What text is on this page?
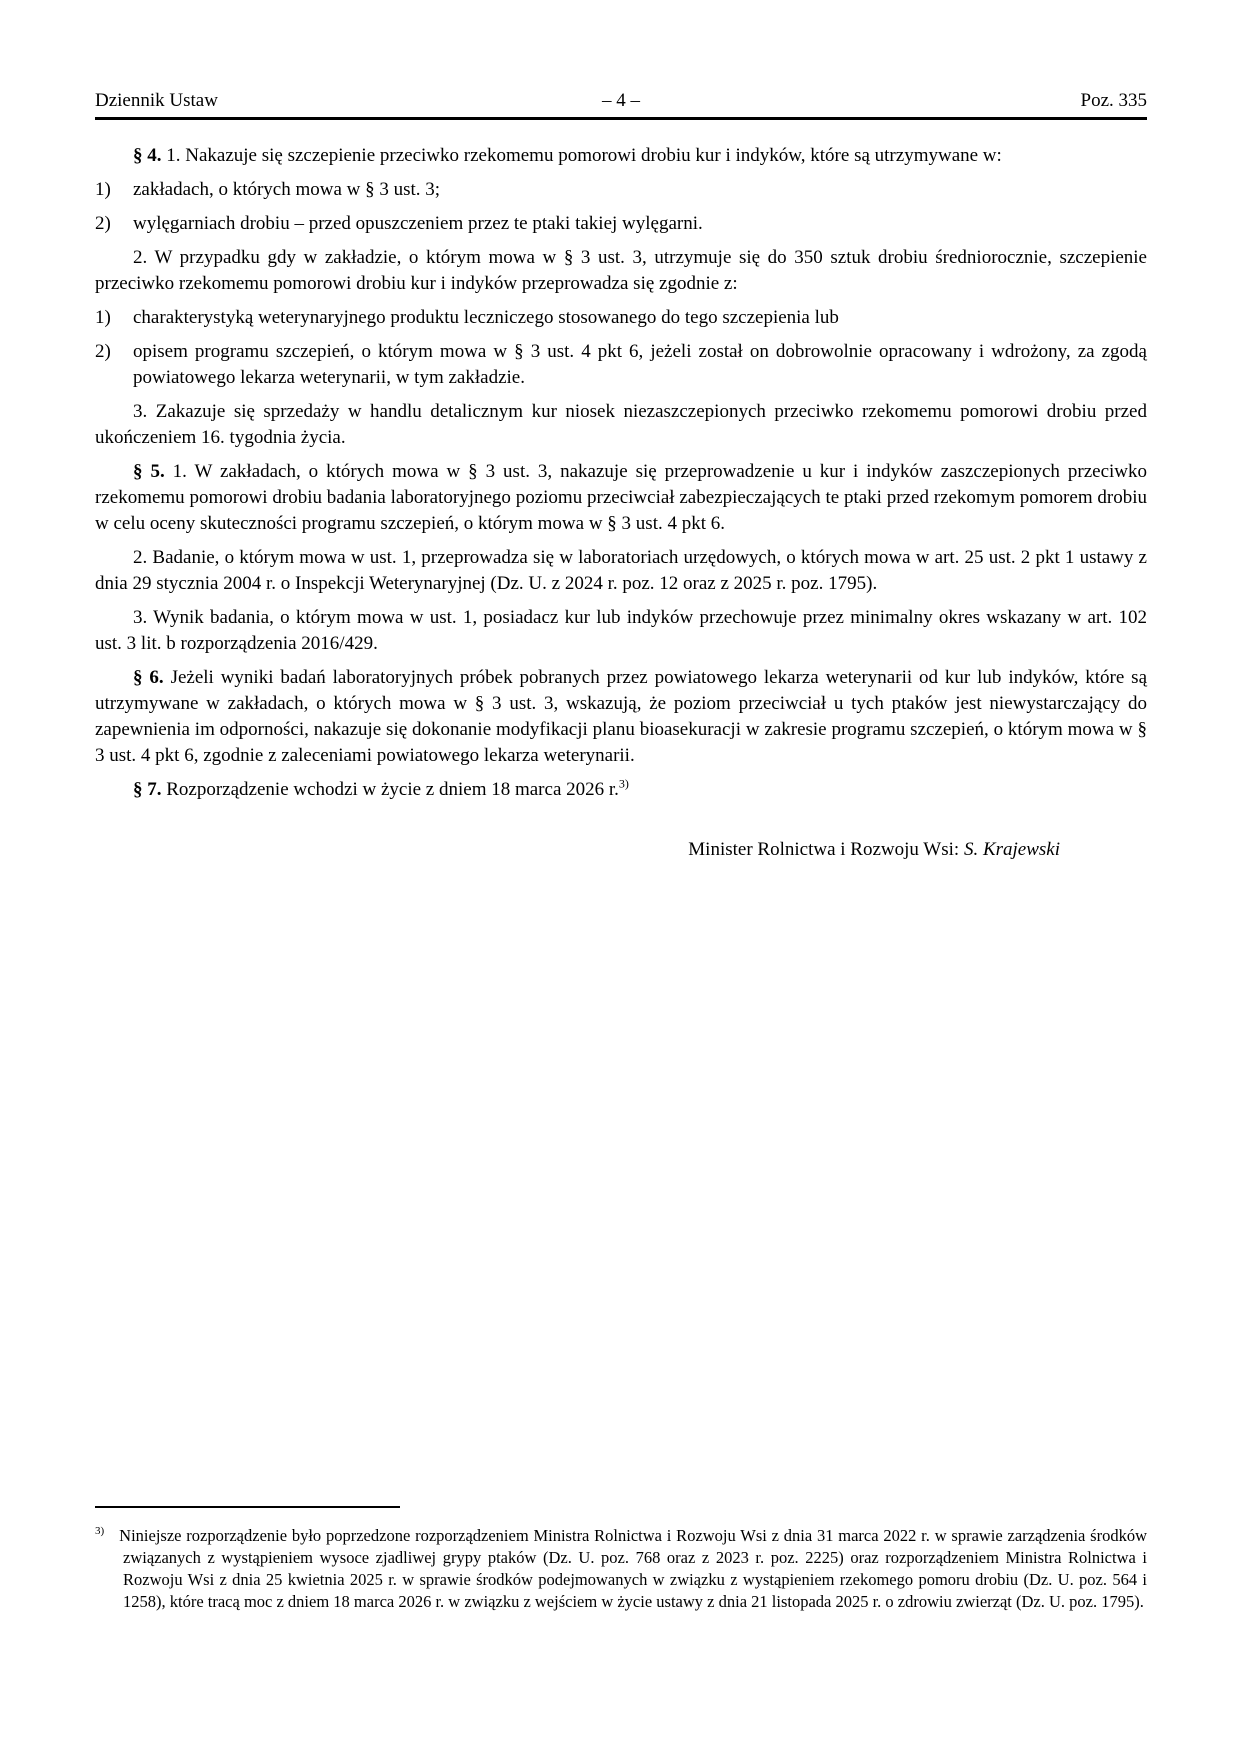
Dziennik Ustaw	– 4 –	Poz. 335

§ 4. 1. Nakazuje się szczepienie przeciwko rzekomemu pomorowi drobiu kur i indyków, które są utrzymywane w:

1) zakładach, o których mowa w § 3 ust. 3;

2) wylęgarniach drobiu – przed opuszczeniem przez te ptaki takiej wylęgarni.

2. W przypadku gdy w zakładzie, o którym mowa w § 3 ust. 3, utrzymuje się do 350 sztuk drobiu średniorocznie, szczepienie przeciwko rzekomemu pomorowi drobiu kur i indyków przeprowadza się zgodnie z:

1) charakterystyką weterynaryjnego produktu leczniczego stosowanego do tego szczepienia lub

2) opisem programu szczepień, o którym mowa w § 3 ust. 4 pkt 6, jeżeli został on dobrowolnie opracowany i wdrożony, za zgodą powiatowego lekarza weterynarii, w tym zakładzie.

3. Zakazuje się sprzedaży w handlu detalicznym kur niosek niezaszczepionych przeciwko rzekomemu pomorowi drobiu przed ukończeniem 16. tygodnia życia.

§ 5. 1. W zakładach, o których mowa w § 3 ust. 3, nakazuje się przeprowadzenie u kur i indyków zaszczepionych przeciwko rzekomemu pomorowi drobiu badania laboratoryjnego poziomu przeciwciał zabezpieczających te ptaki przed rzekomym pomorem drobiu w celu oceny skuteczności programu szczepień, o którym mowa w § 3 ust. 4 pkt 6.

2. Badanie, o którym mowa w ust. 1, przeprowadza się w laboratoriach urzędowych, o których mowa w art. 25 ust. 2 pkt 1 ustawy z dnia 29 stycznia 2004 r. o Inspekcji Weterynaryjnej (Dz. U. z 2024 r. poz. 12 oraz z 2025 r. poz. 1795).

3. Wynik badania, o którym mowa w ust. 1, posiadacz kur lub indyków przechowuje przez minimalny okres wskazany w art. 102 ust. 3 lit. b rozporządzenia 2016/429.

§ 6. Jeżeli wyniki badań laboratoryjnych próbek pobranych przez powiatowego lekarza weterynarii od kur lub indyków, które są utrzymywane w zakładach, o których mowa w § 3 ust. 3, wskazują, że poziom przeciwciał u tych ptaków jest niewystarczający do zapewnienia im odporności, nakazuje się dokonanie modyfikacji planu bioasekuracji w zakresie programu szczepień, o którym mowa w § 3 ust. 4 pkt 6, zgodnie z zaleceniami powiatowego lekarza weterynarii.

§ 7. Rozporządzenie wchodzi w życie z dniem 18 marca 2026 r.$^{3)}$

Minister Rolnictwa i Rozwoju Wsi: S. Krajewski

$^{3)}$ Niniejsze rozporządzenie było poprzedzone rozporządzeniem Ministra Rolnictwa i Rozwoju Wsi z dnia 31 marca 2022 r. w sprawie zarządzenia środków związanych z wystąpieniem wysoce zjadliwej grypy ptaków (Dz. U. poz. 768 oraz z 2023 r. poz. 2225) oraz rozporządzeniem Ministra Rolnictwa i Rozwoju Wsi z dnia 25 kwietnia 2025 r. w sprawie środków podejmowanych w związku z wystąpieniem rzekomego pomoru drobiu (Dz. U. poz. 564 i 1258), które tracą moc z dniem 18 marca 2026 r. w związku z wejściem w życie ustawy z dnia 21 listopada 2025 r. o zdrowiu zwierząt (Dz. U. poz. 1795).
